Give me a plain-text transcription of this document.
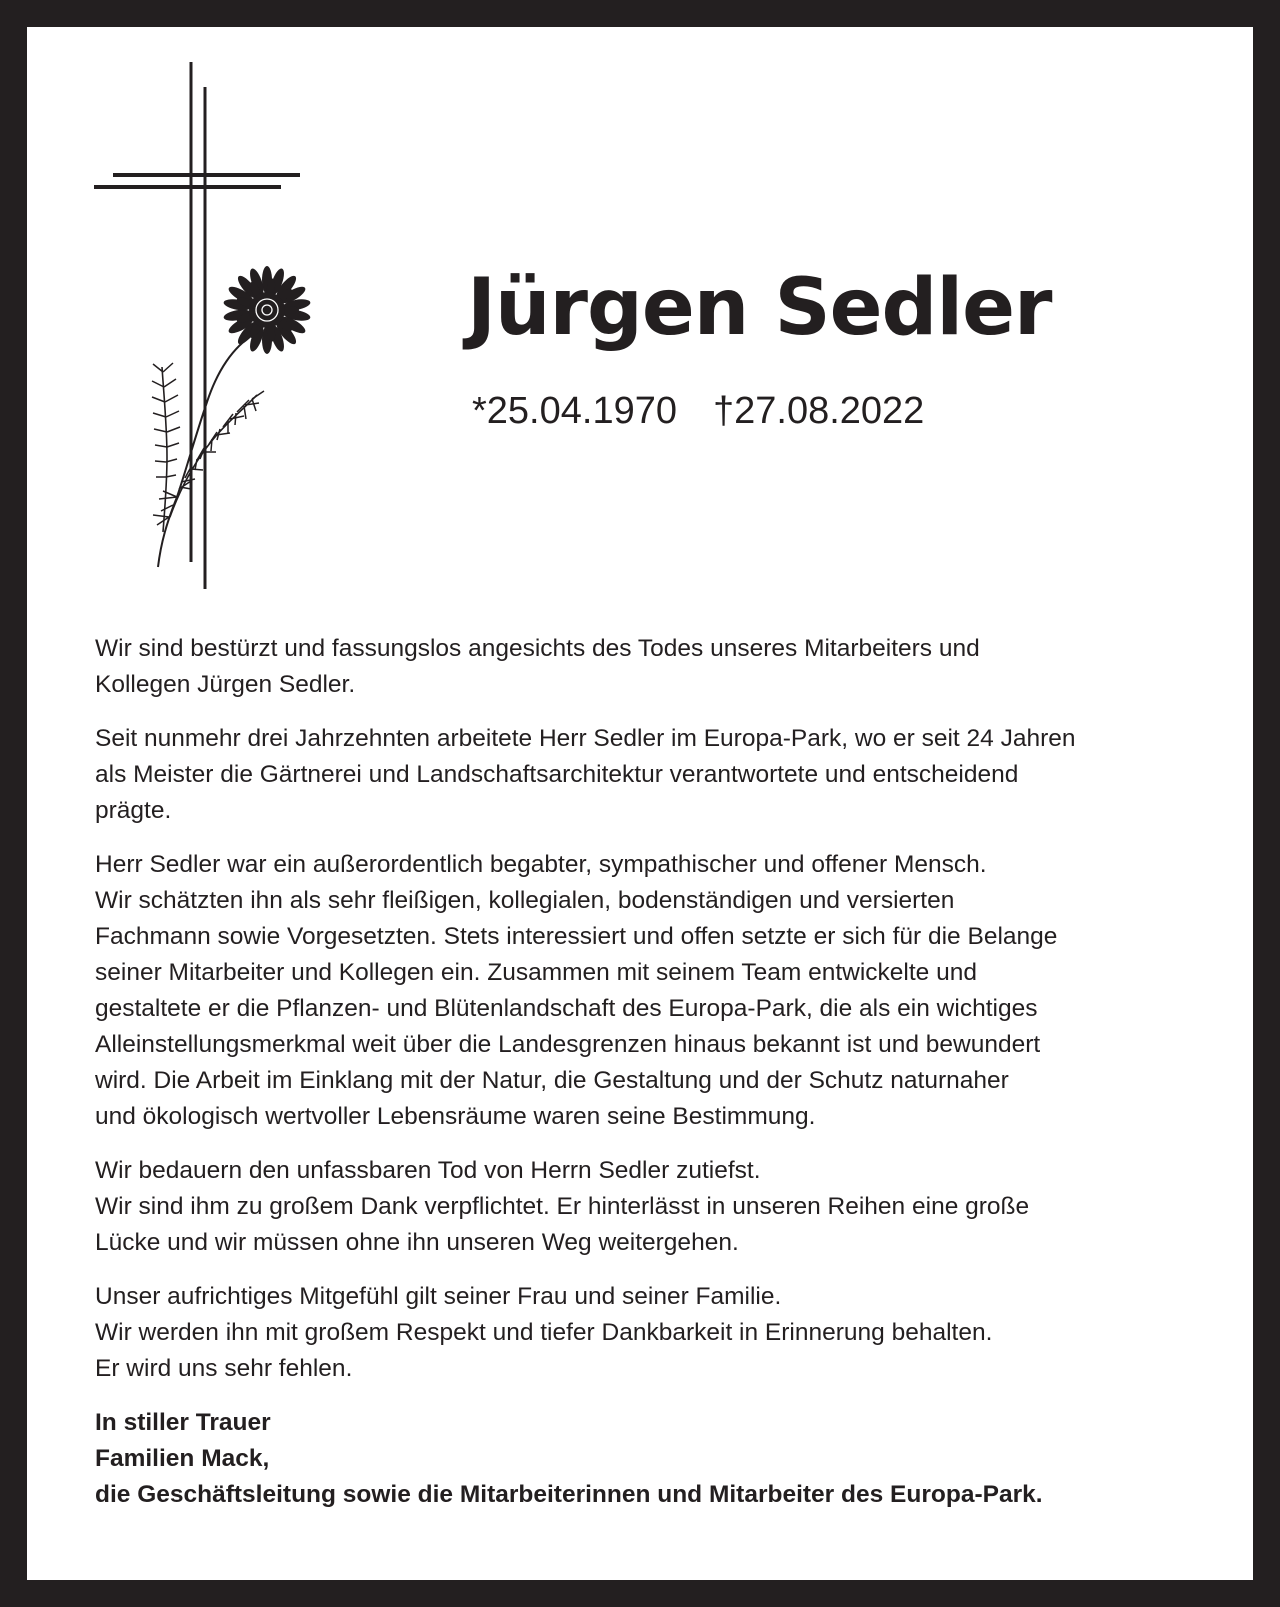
Jürgen Sedler
*25.04.1970 †27.08.2022

Wir sind bestürzt und fassungslos angesichts des Todes unseres Mitarbeiters und
Kollegen Jürgen Sedler.

Seit nunmehr drei Jahrzehnten arbeitete Herr Sedler im Europa-Park, wo er seit 24 Jahren
als Meister die Gärtnerei und Landschaftsarchitektur verantwortete und entscheidend
prägte.

Herr Sedler war ein außerordentlich begabter, sympathischer und offener Mensch.
Wir schätzten ihn als sehr fleißigen, kollegialen, bodenständigen und versierten
Fachmann sowie Vorgesetzten. Stets interessiert und offen setzte er sich für die Belange
seiner Mitarbeiter und Kollegen ein. Zusammen mit seinem Team entwickelte und
gestaltete er die Pflanzen- und Blütenlandschaft des Europa-Park, die als ein wichtiges
Alleinstellungsmerkmal weit über die Landesgrenzen hinaus bekannt ist und bewundert
wird. Die Arbeit im Einklang mit der Natur, die Gestaltung und der Schutz naturnaher
und ökologisch wertvoller Lebensräume waren seine Bestimmung.

Wir bedauern den unfassbaren Tod von Herrn Sedler zutiefst.
Wir sind ihm zu großem Dank verpflichtet. Er hinterlässt in unseren Reihen eine große
Lücke und wir müssen ohne ihn unseren Weg weitergehen.

Unser aufrichtiges Mitgefühl gilt seiner Frau und seiner Familie.
Wir werden ihn mit großem Respekt und tiefer Dankbarkeit in Erinnerung behalten.
Er wird uns sehr fehlen.

In stiller Trauer
Familien Mack,
die Geschäftsleitung sowie die Mitarbeiterinnen und Mitarbeiter des Europa-Park.
